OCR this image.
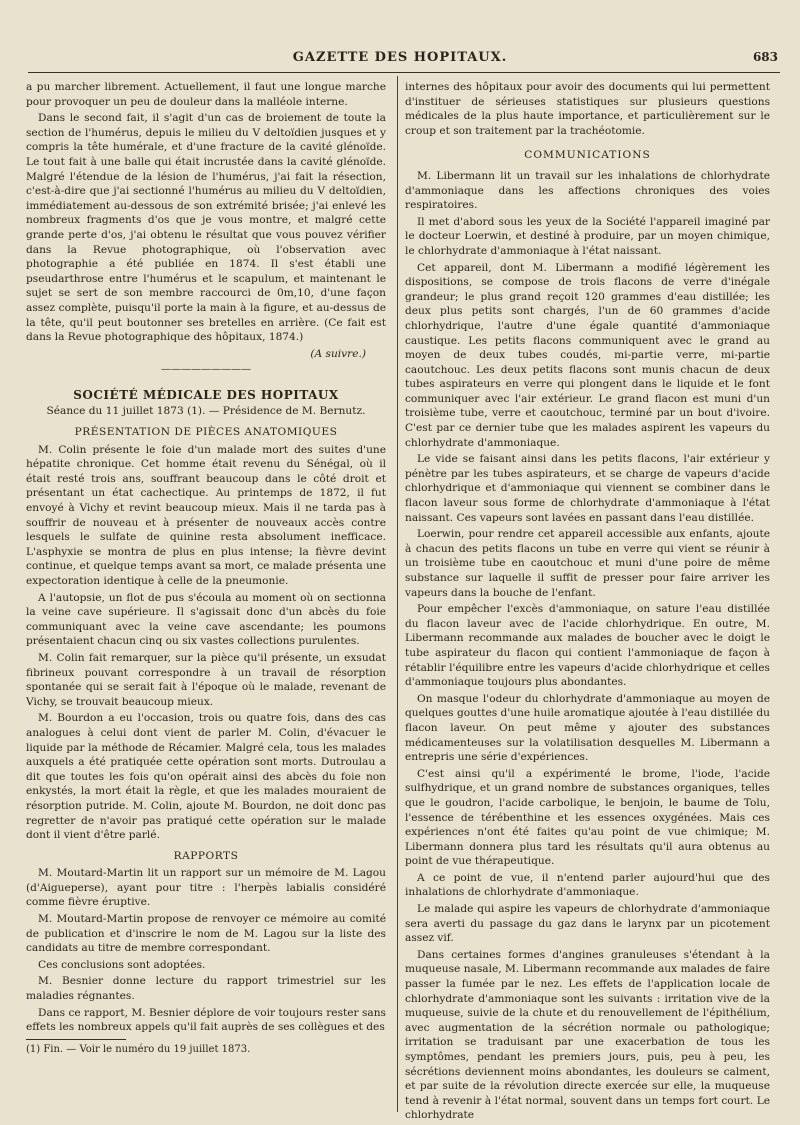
GAZETTE DES HOPITAUX.	683

a pu marcher librement. Actuellement, il faut une longue marche pour provoquer un peu de douleur dans la malléole interne.

Dans le second fait, il s'agit d'un cas de broiement de toute la section de l'humérus, depuis le milieu du V deltoïdien jusques et y compris la tête humérale, et d'une fracture de la cavité glénoïde. Le tout fait à une balle qui était incrustée dans la cavité glénoïde. Malgré l'étendue de la lésion de l'humérus, j'ai fait la résection, c'est-à-dire que j'ai sectionné l'humérus au milieu du V deltoïdien, immédiatement au-dessous de son extrémité brisée; j'ai enlevé les nombreux fragments d'os que je vous montre, et malgré cette grande perte d'os, j'ai obtenu le résultat que vous pouvez vérifier dans la Revue photographique, où l'observation avec photographie a été publiée en 1874. Il s'est établi une pseudarthrose entre l'humérus et le scapulum, et maintenant le sujet se sert de son membre raccourci de 0m,10, d'une façon assez complète, puisqu'il porte la main à la figure, et au-dessus de la tête, qu'il peut boutonner ses bretelles en arrière. (Ce fait est dans la Revue photographique des hôpitaux, 1874.)

(A suivre.)
—————————
SOCIÉTÉ MÉDICALE DES HOPITAUX
Séance du 11 juillet 1873 (1). — Présidence de M. Bernutz.
PRÉSENTATION DE PIÈCES ANATOMIQUES

M. Colin présente le foie d'un malade mort des suites d'une hépatite chronique. Cet homme était revenu du Sénégal, où il était resté trois ans, souffrant beaucoup dans le côté droit et présentant un état cachectique. Au printemps de 1872, il fut envoyé à Vichy et revint beaucoup mieux. Mais il ne tarda pas à souffrir de nouveau et à présenter de nouveaux accès contre lesquels le sulfate de quinine resta absolument inefficace. L'asphyxie se montra de plus en plus intense; la fièvre devint continue, et quelque temps avant sa mort, ce malade présenta une expectoration identique à celle de la pneumonie.

A l'autopsie, un flot de pus s'écoula au moment où on sectionna la veine cave supérieure. Il s'agissait donc d'un abcès du foie communiquant avec la veine cave ascendante; les poumons présentaient chacun cinq ou six vastes collections purulentes.

M. Colin fait remarquer, sur la pièce qu'il présente, un exsudat fibrineux pouvant correspondre à un travail de résorption spontanée qui se serait fait à l'époque où le malade, revenant de Vichy, se trouvait beaucoup mieux.

M. Bourdon a eu l'occasion, trois ou quatre fois, dans des cas analogues à celui dont vient de parler M. Colin, d'évacuer le liquide par la méthode de Récamier. Malgré cela, tous les malades auxquels a été pratiquée cette opération sont morts. Dutroulau a dit que toutes les fois qu'on opérait ainsi des abcès du foie non enkystés, la mort était la règle, et que les malades mouraient de résorption putride. M. Colin, ajoute M. Bourdon, ne doit donc pas regretter de n'avoir pas pratiqué cette opération sur le malade dont il vient d'être parlé.

RAPPORTS

M. Moutard-Martin lit un rapport sur un mémoire de M. Lagou (d'Aigueperse), ayant pour titre : l'herpès labialis considéré comme fièvre éruptive.

M. Moutard-Martin propose de renvoyer ce mémoire au comité de publication et d'inscrire le nom de M. Lagou sur la liste des candidats au titre de membre correspondant.

Ces conclusions sont adoptées.

M. Besnier donne lecture du rapport trimestriel sur les maladies régnantes.

Dans ce rapport, M. Besnier déplore de voir toujours rester sans effets les nombreux appels qu'il fait auprès de ses collègues et des

(1) Fin. — Voir le numéro du 19 juillet 1873.

internes des hôpitaux pour avoir des documents qui lui permettent d'instituer de sérieuses statistiques sur plusieurs questions médicales de la plus haute importance, et particulièrement sur le croup et son traitement par la trachéotomie.

COMMUNICATIONS

M. Libermann lit un travail sur les inhalations de chlorhydrate d'ammoniaque dans les affections chroniques des voies respiratoires.

Il met d'abord sous les yeux de la Société l'appareil imaginé par le docteur Loerwin, et destiné à produire, par un moyen chimique, le chlorhydrate d'ammoniaque à l'état naissant.

Cet appareil, dont M. Libermann a modifié légèrement les dispositions, se compose de trois flacons de verre d'inégale grandeur; le plus grand reçoit 120 grammes d'eau distillée; les deux plus petits sont chargés, l'un de 60 grammes d'acide chlorhydrique, l'autre d'une égale quantité d'ammoniaque caustique. Les petits flacons communiquent avec le grand au moyen de deux tubes coudés, mi-partie verre, mi-partie caoutchouc. Les deux petits flacons sont munis chacun de deux tubes aspirateurs en verre qui plongent dans le liquide et le font communiquer avec l'air extérieur. Le grand flacon est muni d'un troisième tube, verre et caoutchouc, terminé par un bout d'ivoire. C'est par ce dernier tube que les malades aspirent les vapeurs du chlorhydrate d'ammoniaque.

Le vide se faisant ainsi dans les petits flacons, l'air extérieur y pénètre par les tubes aspirateurs, et se charge de vapeurs d'acide chlorhydrique et d'ammoniaque qui viennent se combiner dans le flacon laveur sous forme de chlorhydrate d'ammoniaque à l'état naissant. Ces vapeurs sont lavées en passant dans l'eau distillée.

Loerwin, pour rendre cet appareil accessible aux enfants, ajoute à chacun des petits flacons un tube en verre qui vient se réunir à un troisième tube en caoutchouc et muni d'une poire de même substance sur laquelle il suffit de presser pour faire arriver les vapeurs dans la bouche de l'enfant.

Pour empêcher l'excès d'ammoniaque, on sature l'eau distillée du flacon laveur avec de l'acide chlorhydrique. En outre, M. Libermann recommande aux malades de boucher avec le doigt le tube aspirateur du flacon qui contient l'ammoniaque de façon à rétablir l'équilibre entre les vapeurs d'acide chlorhydrique et celles d'ammoniaque toujours plus abondantes.

On masque l'odeur du chlorhydrate d'ammoniaque au moyen de quelques gouttes d'une huile aromatique ajoutée à l'eau distillée du flacon laveur. On peut même y ajouter des substances médicamenteuses sur la volatilisation desquelles M. Libermann a entrepris une série d'expériences.

C'est ainsi qu'il a expérimenté le brome, l'iode, l'acide sulfhydrique, et un grand nombre de substances organiques, telles que le goudron, l'acide carbolique, le benjoin, le baume de Tolu, l'essence de térébenthine et les essences oxygénées. Mais ces expériences n'ont été faites qu'au point de vue chimique; M. Libermann donnera plus tard les résultats qu'il aura obtenus au point de vue thérapeutique.

A ce point de vue, il n'entend parler aujourd'hui que des inhalations de chlorhydrate d'ammoniaque.

Le malade qui aspire les vapeurs de chlorhydrate d'ammoniaque sera averti du passage du gaz dans le larynx par un picotement assez vif.

Dans certaines formes d'angines granuleuses s'étendant à la muqueuse nasale, M. Libermann recommande aux malades de faire passer la fumée par le nez. Les effets de l'application locale de chlorhydrate d'ammoniaque sont les suivants : irritation vive de la muqueuse, suivie de la chute et du renouvellement de l'épithélium, avec augmentation de la sécrétion normale ou pathologique; irritation se traduisant par une exacerbation de tous les symptômes, pendant les premiers jours, puis, peu à peu, les sécrétions deviennent moins abondantes, les douleurs se calment, et par suite de la révolution directe exercée sur elle, la muqueuse tend à revenir à l'état normal, souvent dans un temps fort court. Le chlorhydrate
